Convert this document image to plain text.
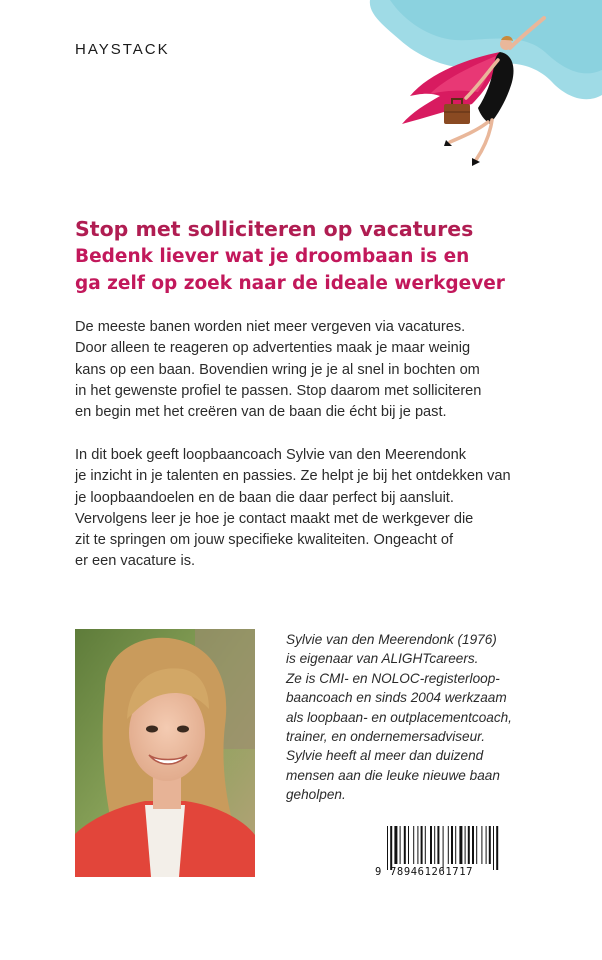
HAYSTACK
Stop met solliciteren op vacatures
Bedenk liever wat je droombaan is en
ga zelf op zoek naar de ideale werkgever

De meeste banen worden niet meer vergeven via vacatures.
Door alleen te reageren op advertenties maak je maar weinig
kans op een baan. Bovendien wring je je al snel in bochten om
in het gewenste profiel te passen. Stop daarom met solliciteren
en begin met het creëren van de baan die écht bij je past.

In dit boek geeft loopbaancoach Sylvie van den Meerendonk
je inzicht in je talenten en passies. Ze helpt je bij het ontdekken van
je loopbaandoelen en de baan die daar perfect bij aansluit.
Vervolgens leer je hoe je contact maakt met de werkgever die
zit te springen om jouw specifieke kwaliteiten. Ongeacht of
er een vacature is.

Sylvie van den Meerendonk (1976)
is eigenaar van ALIGHTcareers.
Ze is CMI- en NOLOC-registerloop-
baancoach en sinds 2004 werkzaam
als loopbaan- en outplacementcoach,
trainer, en ondernemersadviseur.
Sylvie heeft al meer dan duizend
mensen aan die leuke nieuwe baan
geholpen.

9 789461261717
